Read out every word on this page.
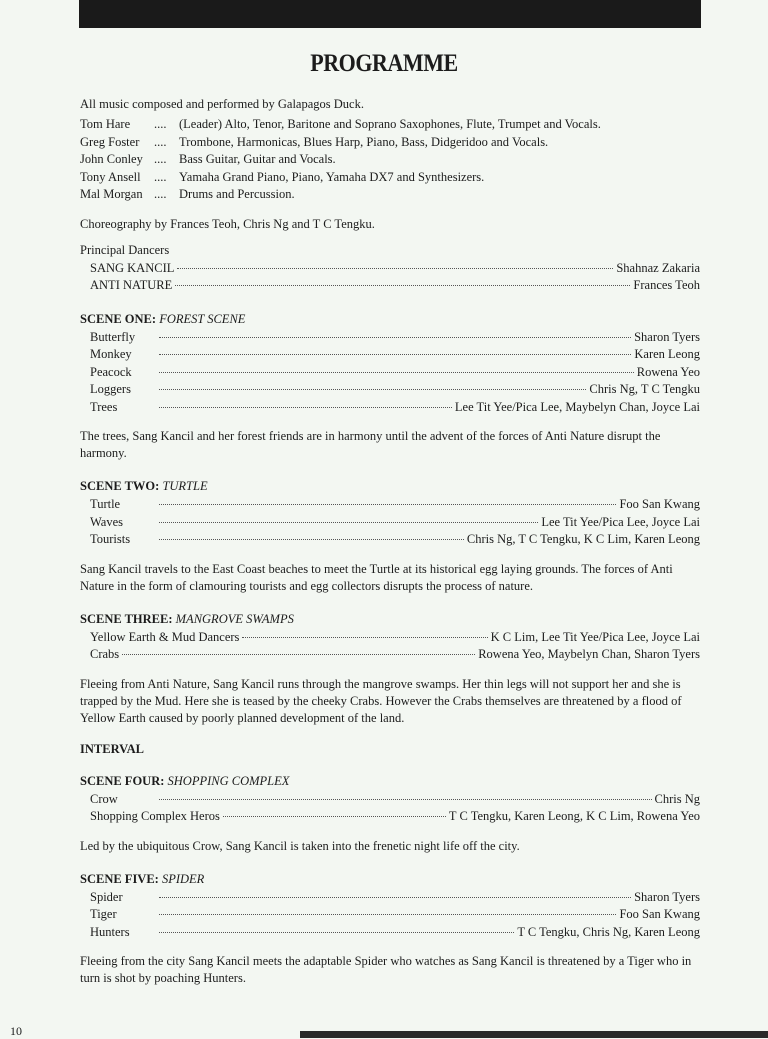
PROGRAMME
All music composed and performed by Galapagos Duck.
Tom Hare	....	(Leader) Alto, Tenor, Baritone and Soprano Saxophones, Flute, Trumpet and Vocals.
Greg Foster	....	Trombone, Harmonicas, Blues Harp, Piano, Bass, Didgeridoo and Vocals.
John Conley ....	Bass Guitar, Guitar and Vocals.
Tony Ansell	....	Yamaha Grand Piano, Piano, Yamaha DX7 and Synthesizers.
Mal Morgan ....	Drums and Percussion.
Choreography by Frances Teoh, Chris Ng and T C Tengku.
Principal Dancers
SANG KANCIL	Shahnaz Zakaria
ANTI NATURE	Frances Teoh
SCENE ONE: FOREST SCENE
Butterfly	Sharon Tyers
Monkey	Karen Leong
Peacock	Rowena Yeo
Loggers	Chris Ng, T C Tengku
Trees	Lee Tit Yee/Pica Lee, Maybelyn Chan, Joyce Lai
The trees, Sang Kancil and her forest friends are in harmony until the advent of the forces of Anti Nature disrupt the harmony.
SCENE TWO: TURTLE
Turtle	Foo San Kwang
Waves	Lee Tit Yee/Pica Lee, Joyce Lai
Tourists	Chris Ng, T C Tengku, K C Lim, Karen Leong
Sang Kancil travels to the East Coast beaches to meet the Turtle at its historical egg laying grounds. The forces of Anti Nature in the form of clamouring tourists and egg collectors disrupts the process of nature.
SCENE THREE: MANGROVE SWAMPS
Yellow Earth & Mud Dancers	K C Lim, Lee Tit Yee/Pica Lee, Joyce Lai
Crabs	Rowena Yeo, Maybelyn Chan, Sharon Tyers
Fleeing from Anti Nature, Sang Kancil runs through the mangrove swamps. Her thin legs will not support her and she is trapped by the Mud. Here she is teased by the cheeky Crabs. However the Crabs themselves are threatened by a flood of Yellow Earth caused by poorly planned development of the land.
INTERVAL
SCENE FOUR: SHOPPING COMPLEX
Crow	Chris Ng
Shopping Complex Heros	T C Tengku, Karen Leong, K C Lim, Rowena Yeo
Led by the ubiquitous Crow, Sang Kancil is taken into the frenetic night life off the city.
SCENE FIVE: SPIDER
Spider	Sharon Tyers
Tiger	Foo San Kwang
Hunters	T C Tengku, Chris Ng, Karen Leong
Fleeing from the city Sang Kancil meets the adaptable Spider who watches as Sang Kancil is threatened by a Tiger who in turn is shot by poaching Hunters.
10
